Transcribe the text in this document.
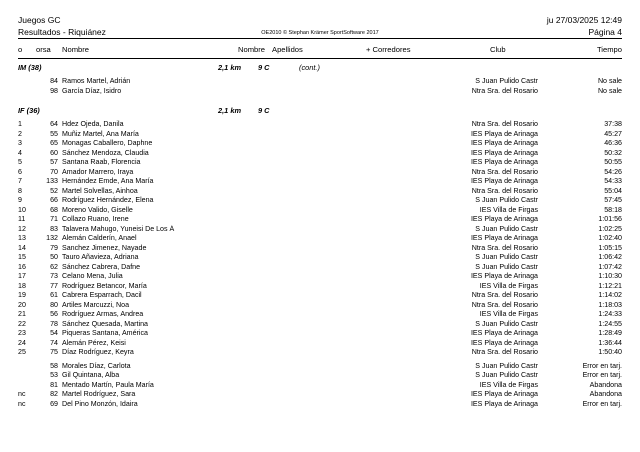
Juegos GC	ju 27/03/2025 12:49
Resultados - Riquiánez	OE2010 © Stephan Krämer SportSoftware 2017	Página 4
o orsa Nombre	Nombre Apellidos	+ Corredores	Club	Tiempo
IM (38)	2,1 km 9 C	(cont.)
84 Ramos Martel, Adrián	S Juan Pulido Castr	No sale
98 García Díaz, Isidro	Ntra Sra. del Rosario	No sale
IF (36)	2,1 km 9 C
1	64 Hdez Ojeda, Danila	Ntra Sra. del Rosario	37:38
2	55 Muñiz Martel, Ana María	IES Playa de Arinaga	45:27
3	65 Monagas Caballero, Daphne	IES Playa de Arinaga	46:36
4	60 Sánchez Mendoza, Claudia	IES Playa de Arinaga	50:32
5	57 Santana Raab, Florencia	IES Playa de Arinaga	50:55
6	70 Amador Marrero, Iraya	Ntra Sra. del Rosario	54:26
7	133 Hernández Emde, Ana María	IES Playa de Arinaga	54:33
8	52 Martel Solvellas, Ainhoa	Ntra Sra. del Rosario	55:04
9	66 Rodríguez Hernández, Elena	S Juan Pulido Castr	57:45
10	68 Moreno Valido, Giselle	IES Villa de Firgas	58:18
11	71 Collazo Ruano, Irene	IES Playa de Arinaga	1:01:56
12	83 Talavera Mahugo, Yuneisi De Los Á	S Juan Pulido Castr	1:02:25
13	132 Alemán Calderín, Anael	IES Playa de Arinaga	1:02:40
14	79 Sanchez Jimenez, Nayade	Ntra Sra. del Rosario	1:05:15
15	50 Tauro Añavieza, Adriana	S Juan Pulido Castr	1:06:42
16	62 Sánchez Cabrera, Dafne	S Juan Pulido Castr	1:07:42
17	73 Celano Mena, Julia	IES Playa de Arinaga	1:10:30
18	77 Rodríguez Betancor, María	IES Villa de Firgas	1:12:21
19	61 Cabrera Esparrach, Dacil	Ntra Sra. del Rosario	1:14:02
20	80 Artiles Marcuzzi, Noa	Ntra Sra. del Rosario	1:18:03
21	56 Rodríguez Armas, Andrea	IES Villa de Firgas	1:24:33
22	78 Sánchez Quesada, Martina	S Juan Pulido Castr	1:24:55
23	54 Piqueras Santana, América	IES Playa de Arinaga	1:28:49
24	74 Alemán Pérez, Keisi	IES Playa de Arinaga	1:36:44
25	75 Díaz Rodríguez, Keyra	Ntra Sra. del Rosario	1:50:40
58 Morales Díaz, Carlota	S Juan Pulido Castr	Error en tarj.
53 Gil Quintana, Alba	S Juan Pulido Castr	Error en tarj.
81 Mentado Martín, Paula María	IES Villa de Firgas	Abandona
nc	82 Martel Rodríguez, Sara	IES Playa de Arinaga	Abandona
nc	69 Del Pino Monzón, Idaira	IES Playa de Arinaga	Error en tarj.
